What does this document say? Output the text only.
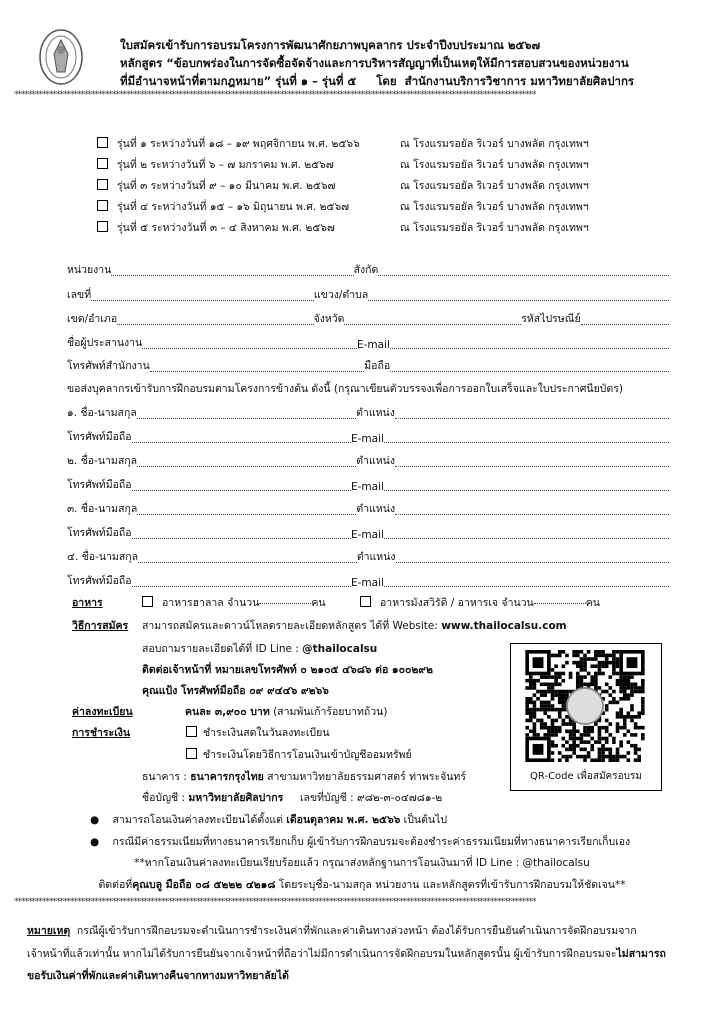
ใบสมัครเข้ารับการอบรมโครงการพัฒนาศักยภาพบุคลากร ประจำปีงบประมาณ ๒๕๖๗
หลักสูตร “ข้อบกพร่องในการจัดซื้อจัดจ้างและการบริหารสัญญาที่เป็นเหตุให้มีการสอบสวนของหน่วยงาน
ที่มีอำนาจหน้าที่ตามกฎหมาย” รุ่นที่ ๑ – รุ่นที่ ๕     โดย  สำนักงานบริการวิชาการ มหาวิทยาลัยศิลปากร
*****************************************************************************************************************************************************
รุ่นที่ ๑ ระหว่างวันที่ ๑๘ – ๑๙ พฤศจิกายน พ.ศ. ๒๕๖๖	ณ โรงแรมรอยัล ริเวอร์ บางพลัด กรุงเทพฯ
รุ่นที่ ๒ ระหว่างวันที่ ๖ – ๗ มกราคม พ.ศ. ๒๕๖๗	ณ โรงแรมรอยัล ริเวอร์ บางพลัด กรุงเทพฯ
รุ่นที่ ๓ ระหว่างวันที่ ๙ – ๑๐ มีนาคม พ.ศ. ๒๕๖๗	ณ โรงแรมรอยัล ริเวอร์ บางพลัด กรุงเทพฯ
รุ่นที่ ๔ ระหว่างวันที่ ๑๕ – ๑๖ มิถุนายน พ.ศ. ๒๕๖๗	ณ โรงแรมรอยัล ริเวอร์ บางพลัด กรุงเทพฯ
รุ่นที่ ๕ ระหว่างวันที่ ๓ – ๔ สิงหาคม พ.ศ. ๒๕๖๗	ณ โรงแรมรอยัล ริเวอร์ บางพลัด กรุงเทพฯ
หน่วยงาน	สังกัด
เลขที่	แขวง/ตำบล
เขต/อำเภอ	จังหวัด	รหัสไปรษณีย์
ชื่อผู้ประสานงาน	E-mail
โทรศัพท์สำนักงาน	มือถือ
ขอส่งบุคลากรเข้ารับการฝึกอบรมตามโครงการข้างต้น ดังนี้ (กรุณาเขียนตัวบรรจงเพื่อการออกใบเสร็จและใบประกาศนียบัตร)
๑. ชื่อ-นามสกุล	ตำแหน่ง
โทรศัพท์มือถือ	E-mail
๒. ชื่อ-นามสกุล	ตำแหน่ง
โทรศัพท์มือถือ	E-mail
๓. ชื่อ-นามสกุล	ตำแหน่ง
โทรศัพท์มือถือ	E-mail
๔. ชื่อ-นามสกุล	ตำแหน่ง
โทรศัพท์มือถือ	E-mail
อาหาร	อาหารฮาลาล จำนวน	คน	อาหารมังสวิรัติ / อาหารเจ จำนวน	คน
วิธีการสมัคร สามารถสมัครและดาวน์โหลดรายละเอียดหลักสูตร ได้ที่ Website: www.thailocalsu.com
สอบถามรายละเอียดได้ที่ ID Line : @thailocalsu
ติดต่อเจ้าหน้าที่ หมายเลขโทรศัพท์ ๐ ๒๑๐๕ ๔๖๘๖ ต่อ ๑๐๐๒๙๒
คุณแป้ง โทรศัพท์มือถือ ๐๙ ๙๔๔๖ ๙๒๖๖
ค่าลงทะเบียน	คนละ ๓,๙๐๐ บาท (สามพันเก้าร้อยบาทถ้วน)
การชำระเงิน	ชำระเงินสดในวันลงทะเบียน
ชำระเงินโดยวิธีการโอนเงินเข้าบัญชีออมทรัพย์
ธนาคาร : ธนาคารกรุงไทย สาขามหาวิทยาลัยธรรมศาสตร์ ท่าพระจันทร์
ชื่อบัญชี : มหาวิทยาลัยศิลปากร     เลขที่บัญชี : ๙๘๒-๓-๐๔๗๘๑-๒
QR-Code เพื่อสมัครอบรม
●    สามารถโอนเงินค่าลงทะเบียนได้ตั้งแต่ เดือนตุลาคม พ.ศ. ๒๕๖๖ เป็นต้นไป
●    กรณีมีค่าธรรมเนียมที่ทางธนาคารเรียกเก็บ ผู้เข้ารับการฝึกอบรมจะต้องชำระค่าธรรมเนียมที่ทางธนาคารเรียกเก็บเอง
**หากโอนเงินค่าลงทะเบียนเรียบร้อยแล้ว กรุณาส่งหลักฐานการโอนเงินมาที่ ID Line : @thailocalsu
ติดต่อที่คุณบลู มือถือ ๐๘ ๕๒๒๒ ๔๒๑๘ โดยระบุชื่อ-นามสกุล หน่วยงาน และหลักสูตรที่เข้ารับการฝึกอบรมให้ชัดเจน**
*****************************************************************************************************************************************************
หมายเหตุ  กรณีผู้เข้ารับการฝึกอบรมจะดำเนินการชำระเงินค่าที่พักและค่าเดินทางล่วงหน้า ต้องได้รับการยืนยันดำเนินการจัดฝึกอบรมจาก
เจ้าหน้าที่แล้วเท่านั้น หากไม่ได้รับการยืนยันจากเจ้าหน้าที่ถือว่าไม่มีการดำเนินการจัดฝึกอบรมในหลักสูตรนั้น ผู้เข้ารับการฝึกอบรมจะไม่สามารถ
ขอรับเงินค่าที่พักและค่าเดินทางคืนจากทางมหาวิทยาลัยได้
